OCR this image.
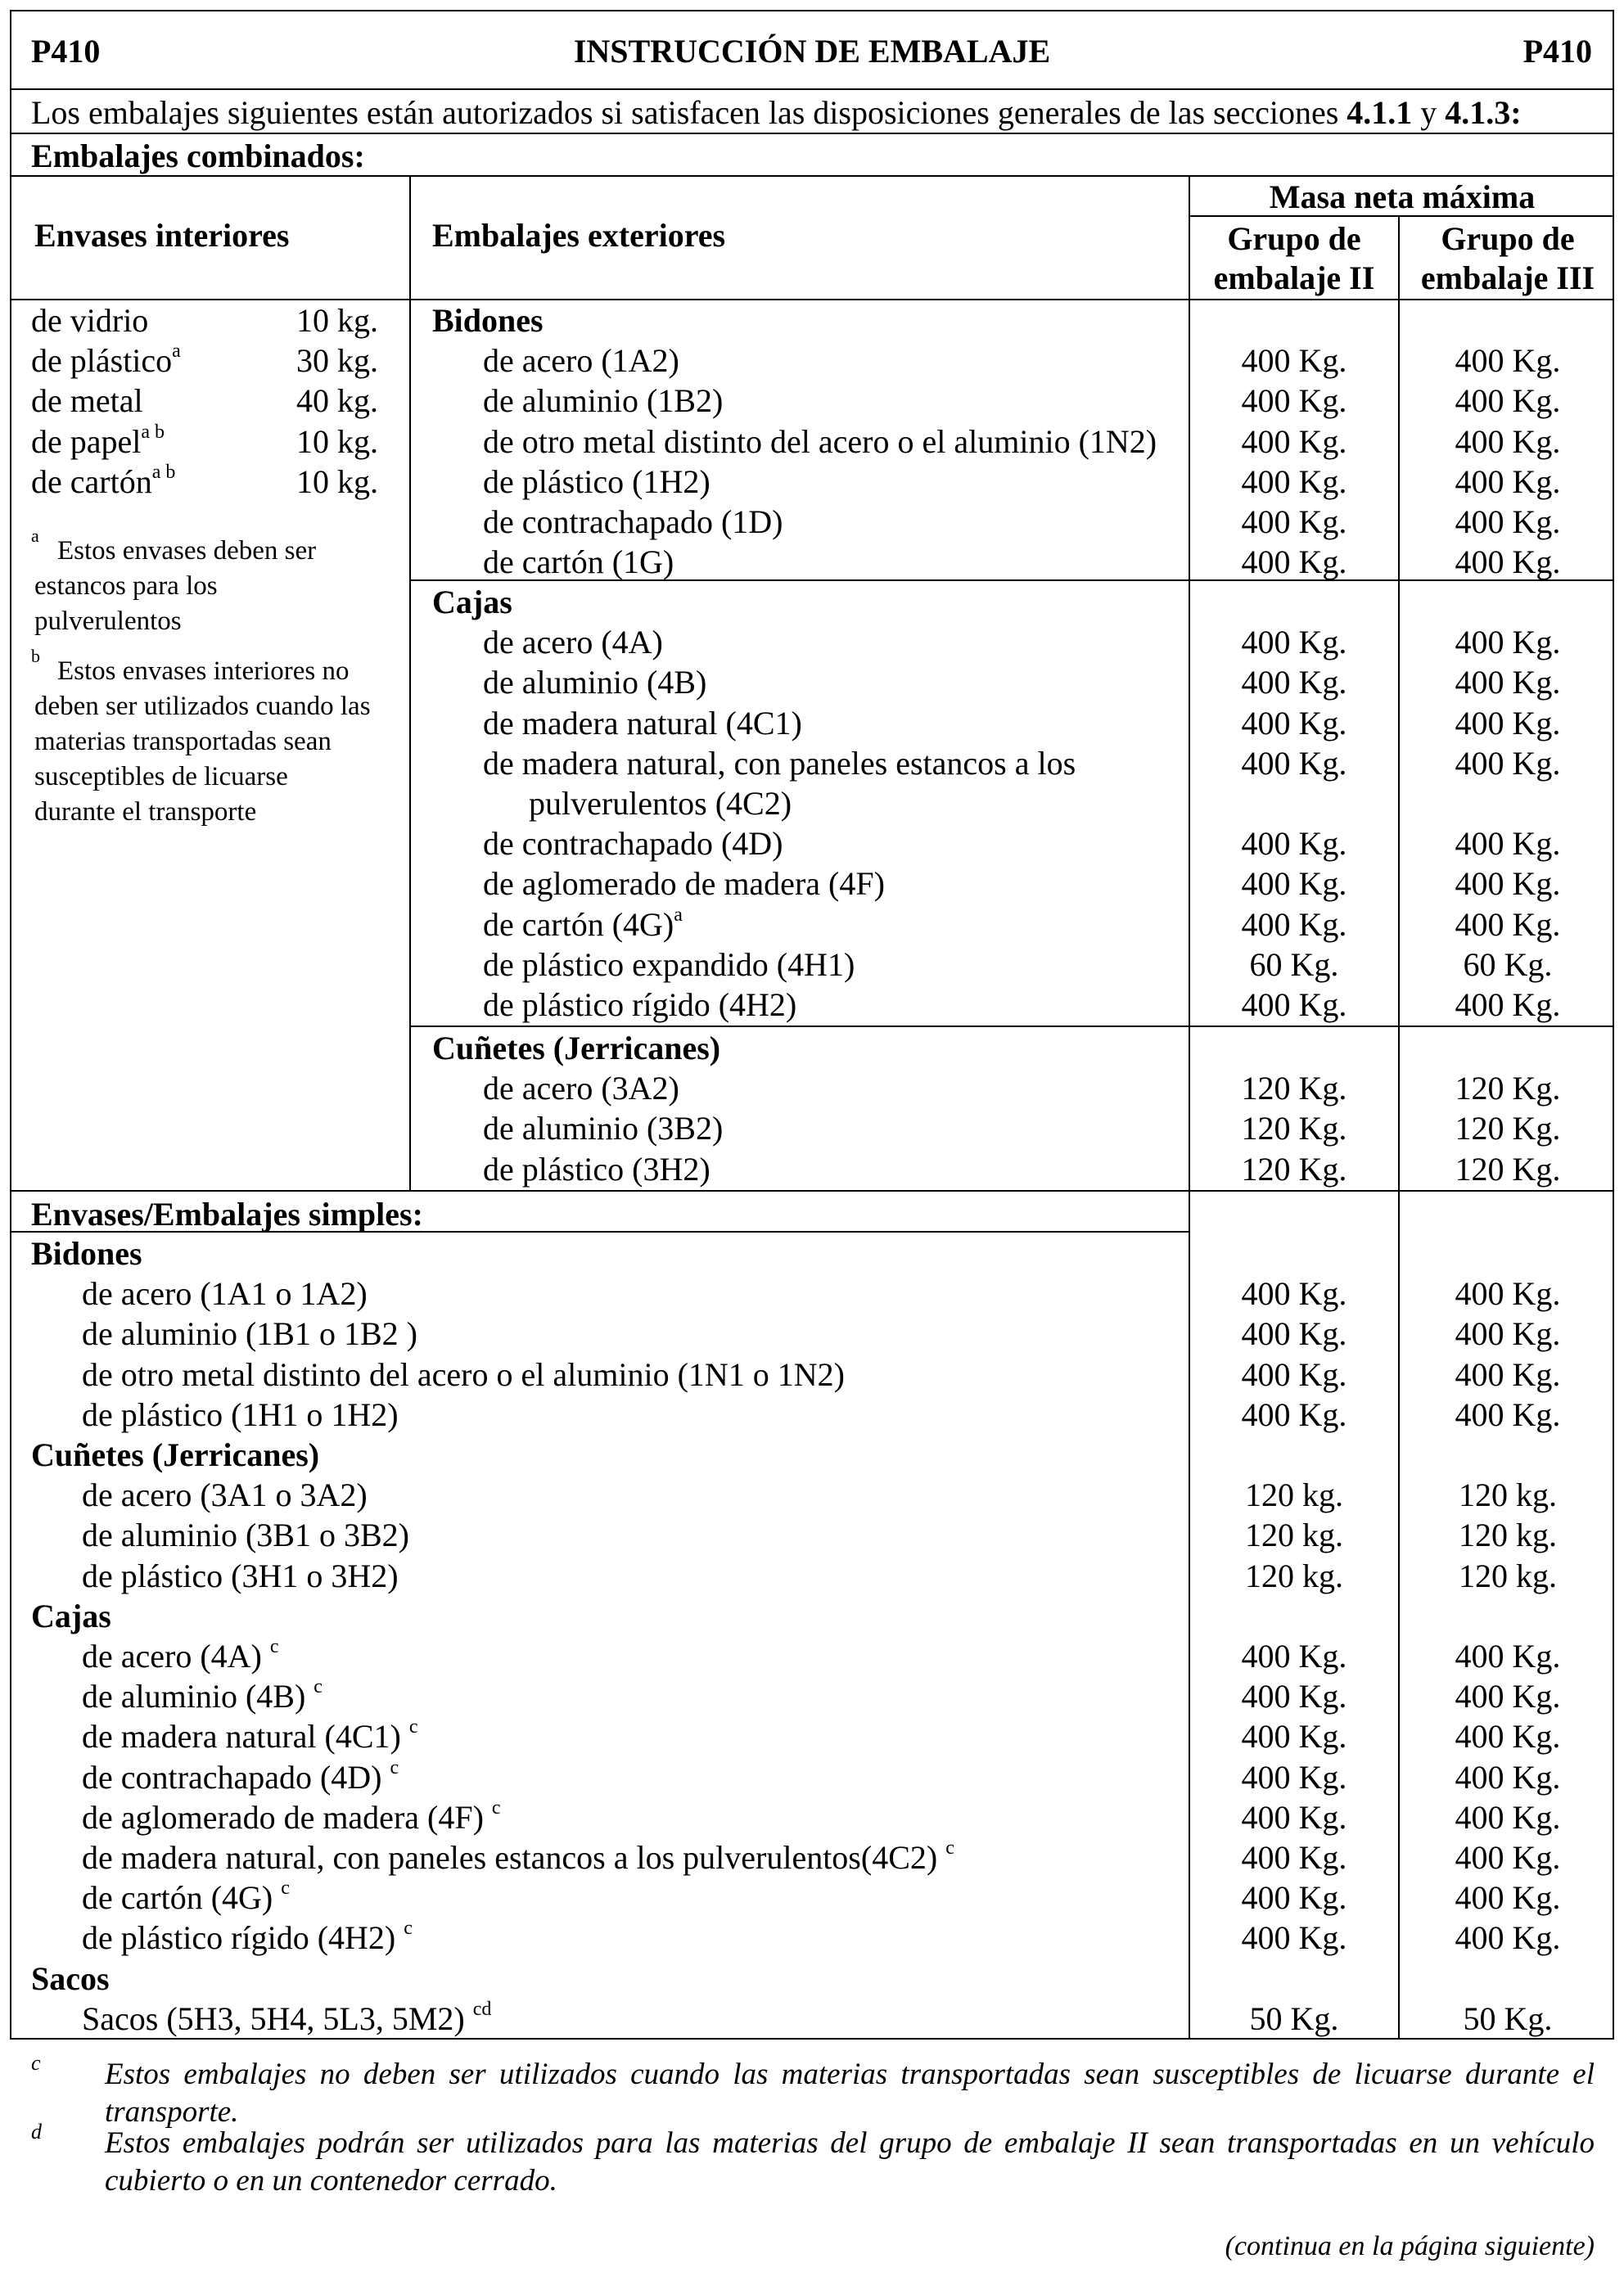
P410	INSTRUCCIÓN DE EMBALAJE	P410
Los embalajes siguientes están autorizados si satisfacen las disposiciones generales de las secciones 4.1.1 y 4.1.3:
Embalajes combinados:
Envases interiores	Embalajes exteriores
Masa neta máxima
Grupo de
embalaje II
Grupo de
embalaje III
de vidrio	10 kg.
de plástico$^a$	30 kg.
de metal	40 kg.
de papel$^{a b}$	10 kg.
de cartón$^{a b}$	10 kg.
a
Estos envases deben ser
estancos para los
pulverulentos
b
Estos envases interiores no
deben ser utilizados cuando las
materias transportadas sean
susceptibles de licuarse
durante el transporte
Bidones
de acero (1A2)	400 Kg.	400 Kg.
de aluminio (1B2)	400 Kg.	400 Kg.
de otro metal distinto del acero o el aluminio (1N2)	400 Kg.	400 Kg.
de plástico (1H2)	400 Kg.	400 Kg.
de contrachapado (1D)	400 Kg.	400 Kg.
de cartón (1G)	400 Kg.	400 Kg.
Cajas
de acero (4A)	400 Kg.	400 Kg.
de aluminio (4B)	400 Kg.	400 Kg.
de madera natural (4C1)	400 Kg.	400 Kg.
de madera natural, con paneles estancos a los	400 Kg.	400 Kg.
pulverulentos (4C2)
de contrachapado (4D)	400 Kg.	400 Kg.
de aglomerado de madera (4F)	400 Kg.	400 Kg.
de cartón $(4G)^a$	400 Kg.	400 Kg.
de plástico expandido (4H1)	60 Kg.	60 Kg.
de plástico rígido (4H2)	400 Kg.	400 Kg.
Cuñetes (Jerricanes)
de acero (3A2)	120 Kg.	120 Kg.
de aluminio (3B2)	120 Kg.	120 Kg.
de plástico (3H2)	120 Kg.	120 Kg.
Envases/Embalajes simples:
Bidones
de acero (1A1 o 1A2)	400 Kg.	400 Kg.
de aluminio (1B1 o 1B2 )	400 Kg.	400 Kg.
de otro metal distinto del acero o el aluminio (1N1 o 1N2)	400 Kg.	400 Kg.
de plástico (1H1 o 1H2)	400 Kg.	400 Kg.
Cuñetes (Jerricanes)
de acero (3A1 o 3A2)	120 kg.	120 kg.
de aluminio (3B1 o 3B2)	120 kg.	120 kg.
de plástico (3H1 o 3H2)	120 kg.	120 kg.
Cajas
de acero (4A) $^c$	400 Kg.	400 Kg.
de aluminio (4B) $^c$	400 Kg.	400 Kg.
de madera natural (4C1) $^c$	400 Kg.	400 Kg.
de contrachapado (4D) $^c$	400 Kg.	400 Kg.
de aglomerado de madera (4F) $^c$	400 Kg.	400 Kg.
de madera natural, con paneles estancos a los pulverulentos(4C2) $^c$	400 Kg.	400 Kg.
de cartón (4G) $^c$	400 Kg.	400 Kg.
de plástico rígido (4H2) $^c$	400 Kg.	400 Kg.
Sacos
Sacos (5H3, 5H4, 5L3, 5M2) $^{cd}$	50 Kg.	50 Kg.
c Estos embalajes no deben ser utilizados cuando las materias transportadas sean susceptibles de licuarse durante el transporte.
d Estos embalajes podrán ser utilizados para las materias del grupo de embalaje II sean transportadas en un vehículo cubierto o en un contenedor cerrado.
(continua en la página siguiente)
